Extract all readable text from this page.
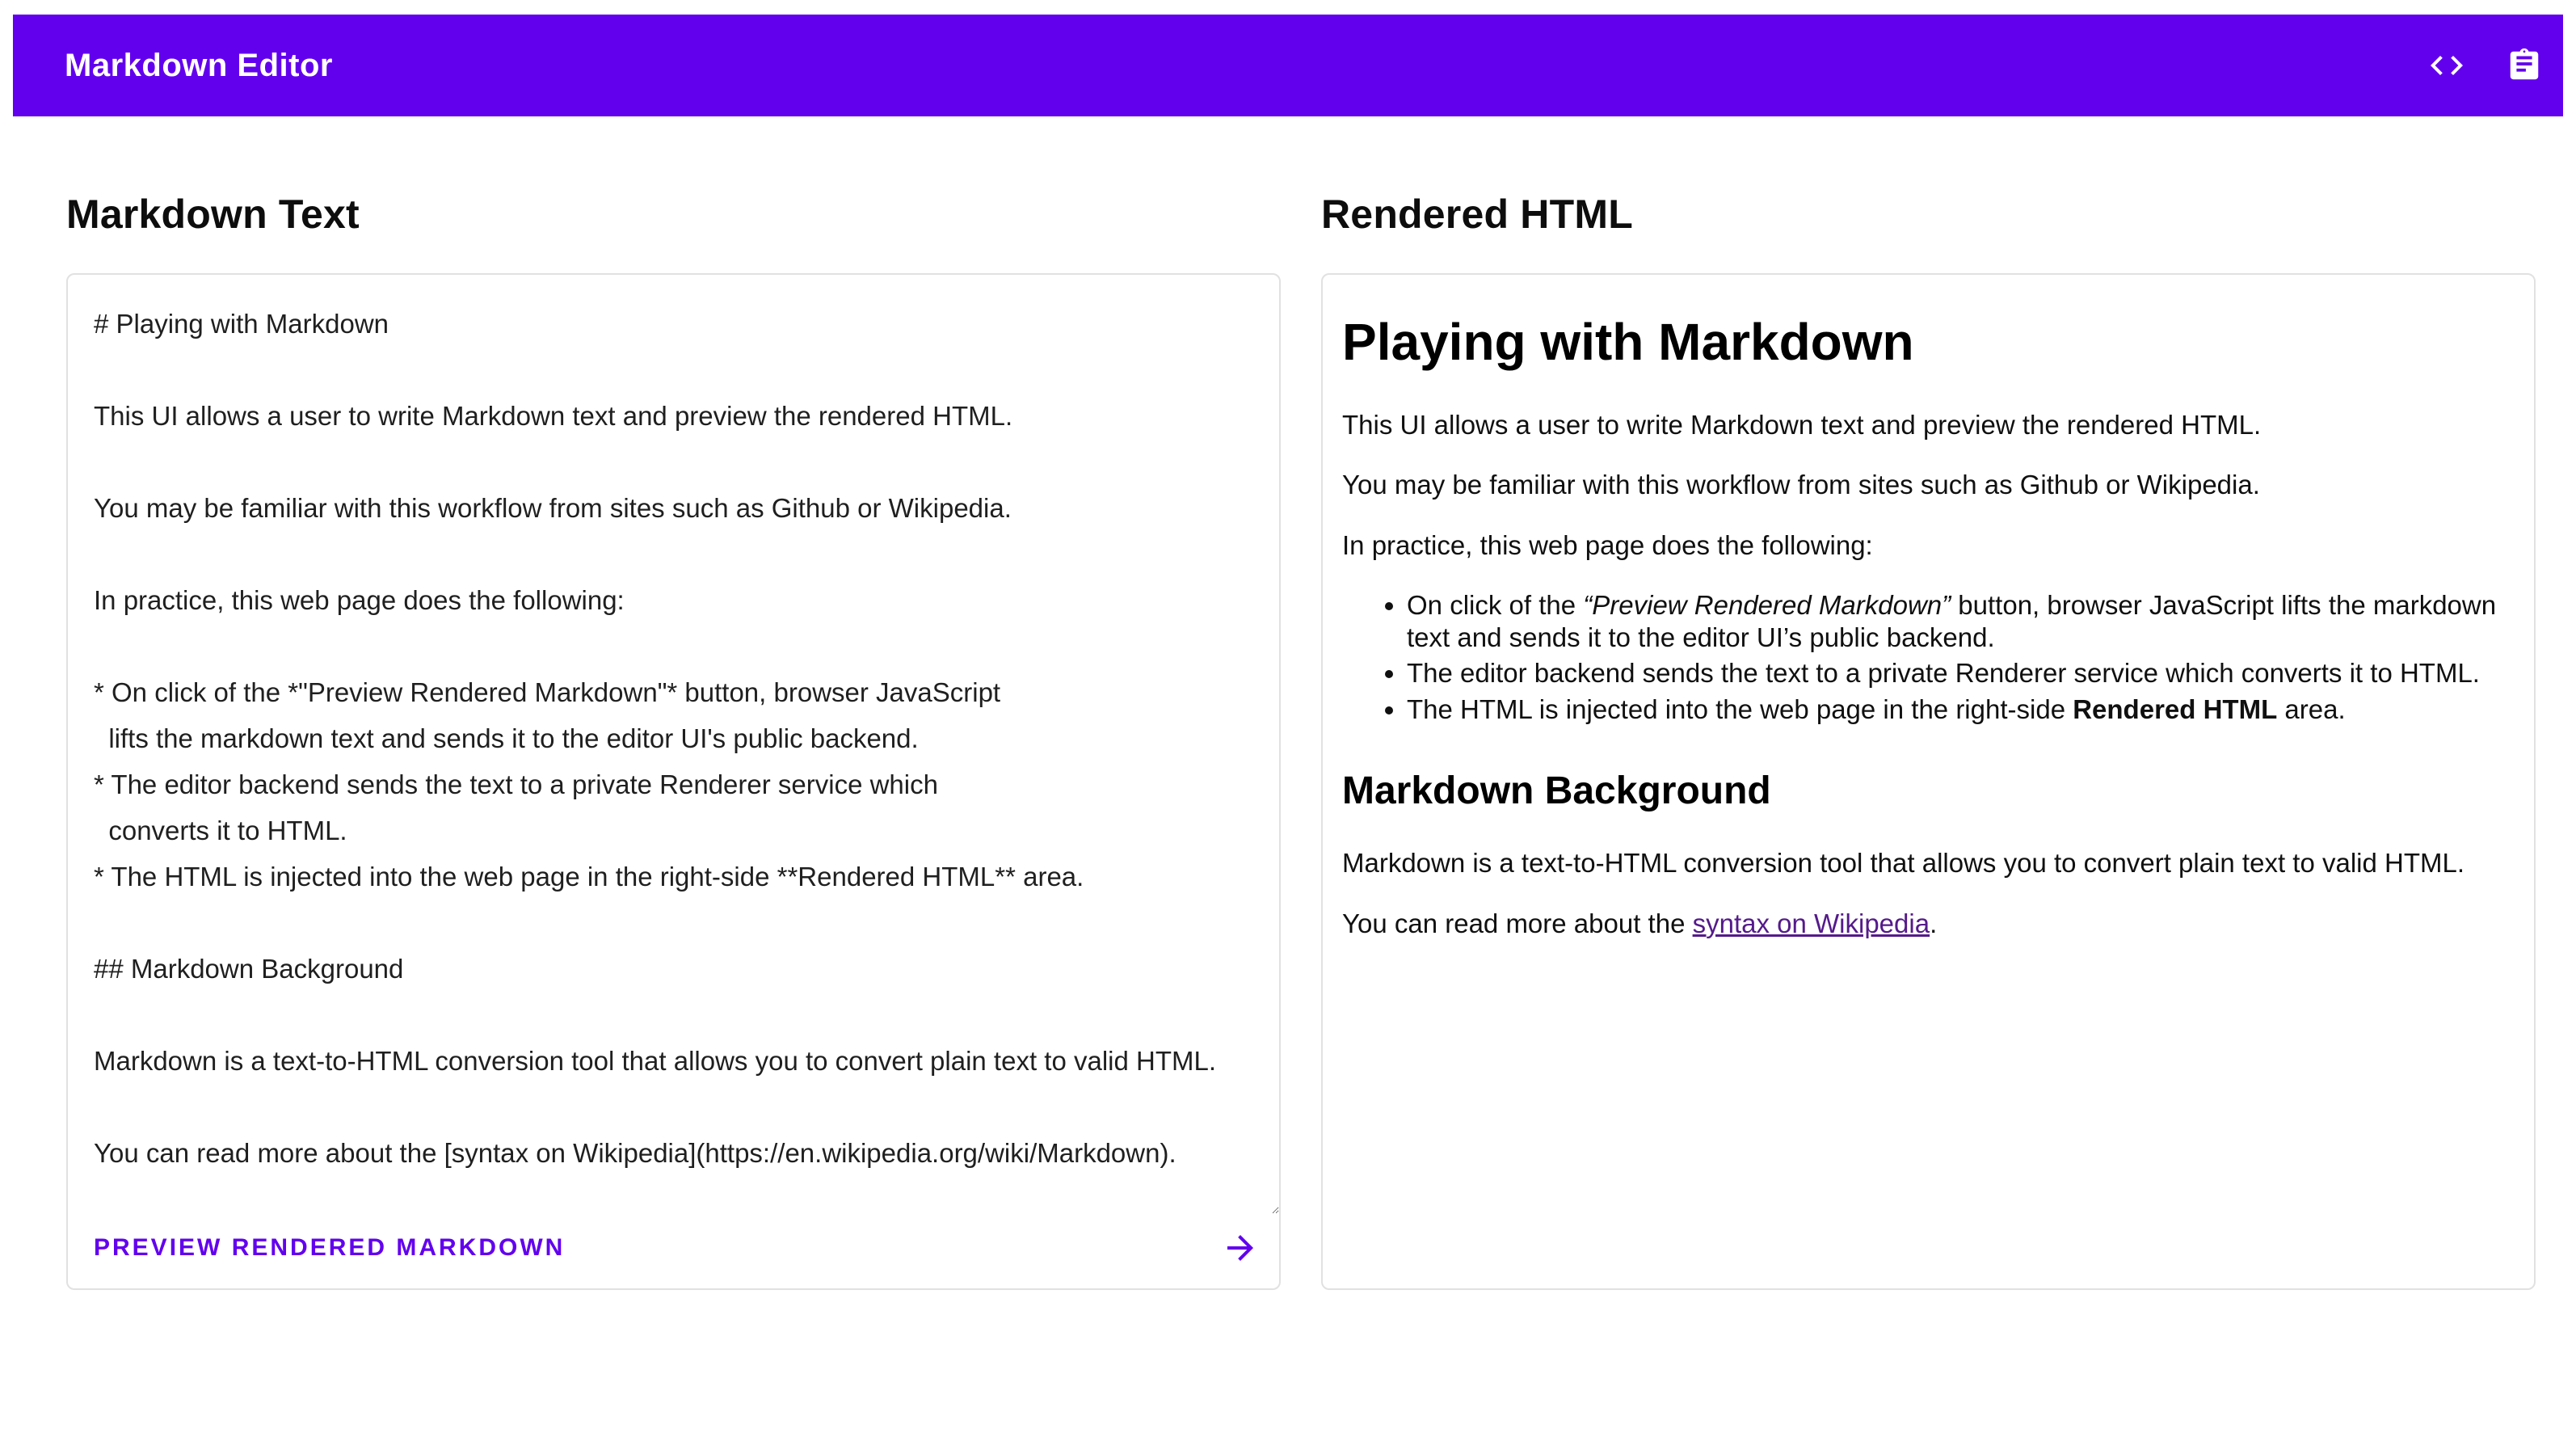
Markdown Editor
Markdown Text
# Playing with Markdown This UI allows a user to write Markdown text and preview the rendered HTML. You may be familiar with this workflow from sites such as Github or Wikipedia. In practice, this web page does the following: * On click of the *"Preview Rendered Markdown"* button, browser JavaScript lifts the markdown text and sends it to the editor UI's public backend. * The editor backend sends the text to a private Renderer service which converts it to HTML. * The HTML is injected into the web page in the right-side **Rendered HTML** area. ## Markdown Background Markdown is a text-to-HTML conversion tool that allows you to convert plain text to valid HTML. You can read more about the [syntax on Wikipedia](https://en.wikipedia.org/wiki/Markdown).
PREVIEW RENDERED MARKDOWN
Rendered HTML
Playing with Markdown

This UI allows a user to write Markdown text and preview the rendered HTML.

You may be familiar with this workflow from sites such as Github or Wikipedia.

In practice, this web page does the following:

• On click of the “Preview Rendered Markdown” button, browser JavaScript lifts the markdown text and sends it to the editor UI’s public backend.
• The editor backend sends the text to a private Renderer service which converts it to HTML.
• The HTML is injected into the web page in the right-side Rendered HTML area.
Markdown Background

Markdown is a text-to-HTML conversion tool that allows you to convert plain text to valid HTML.

You can read more about the syntax on Wikipedia.
